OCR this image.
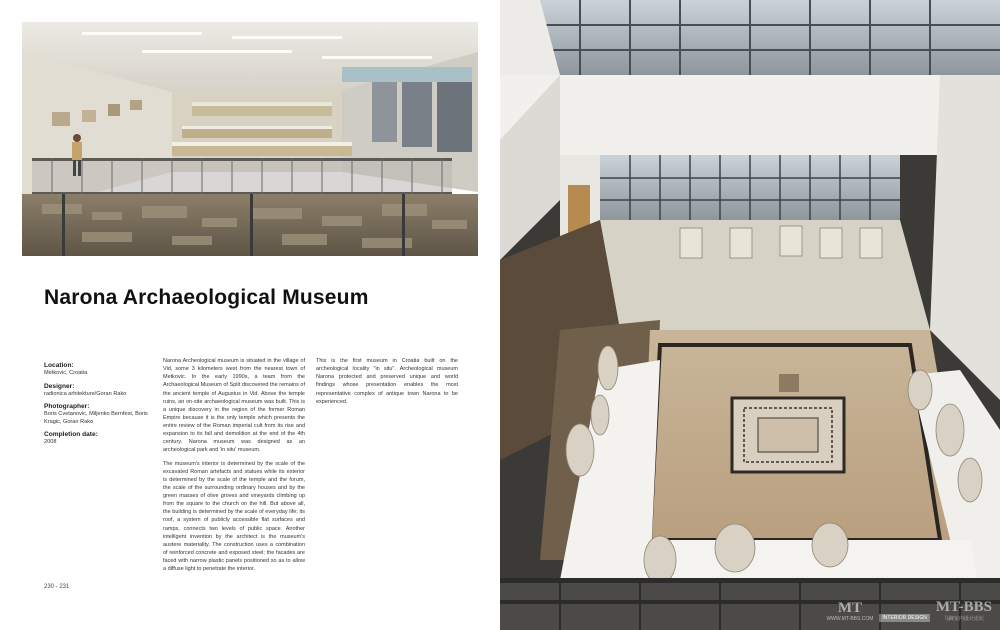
Narona Archaeological Museum
Location:
Metkovic, Croatia
Designer:
radionica arhitekture/Goran Rako
Photographer:
Boris Cvetanovic, Miljenko Bernfest, Boris Kragic, Goran Rako
Completion date:
2008

Narona Archeological museum is situated in the village of Vid, some 3 kilometers west from the nearest town of Metkovic. In the early 1990s, a team from the Archaeological Museum of Split discovered the remains of the ancient temple of Augustus in Vid. Above the temple ruins, an on-site archaeological museum was built. This is a unique discovery in the region of the former Roman Empire because it is the only temple which presents the entire review of the Roman imperial cult from its rise and expansion to its fall and demolition at the end of the 4th century. Narona museum was designed as an archeological park and 'in situ' museum.

The museum's interior is determined by the scale of the excavated Roman artefacts and statues while its exterior is determined by the scale of the temple and the forum, the scale of the surrounding ordinary houses and by the green masses of olive groves and vineyards climbing up from the square to the church on the hill. But above all, the building is determined by the scale of everyday life; its roof, a system of publicly accessible flat surfaces and ramps, connects two levels of public space. Another intelligent invention by the architect is the museum's austere materiality. The construction uses a combination of reinforced concrete and exposed steel; the facades are faced with narrow plastic panels positioned so as to allow a diffuse light to penetrate the interior.

This is the first museum in Croatia built on the archeological locality "in situ". Archeological museum Narona protected and preserved unique and world findings whose presentation enables the most representative complex of antique town Narona to be experienced.

230 - 231
2
MT
WWW.MT-BBS.COM	INTERIOR DESIGN
MT-BBS
马蹄室内设计论坛
